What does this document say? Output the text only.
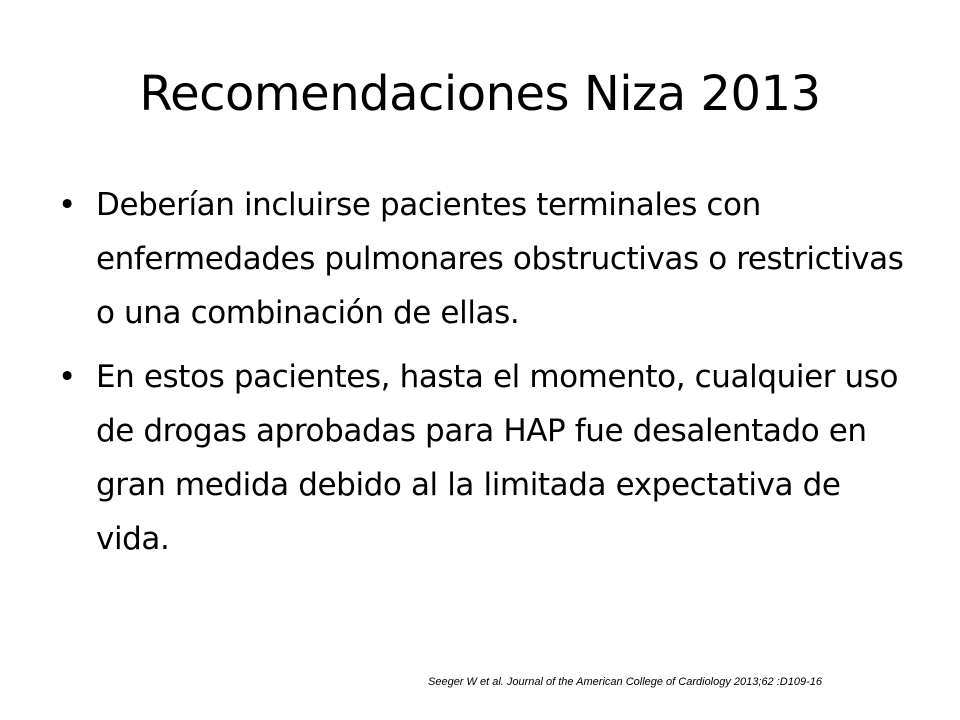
Recomendaciones Niza 2013
• Deberían incluirse pacientes terminales con enfermedades pulmonares obstructivas o restrictivas o una combinación de ellas.
• En estos pacientes, hasta el momento, cualquier uso de drogas aprobadas para HAP fue desalentado en gran medida debido al la limitada expectativa de vida.
Seeger W et al. Journal of the American College of Cardiology 2013;62 :D109-16
